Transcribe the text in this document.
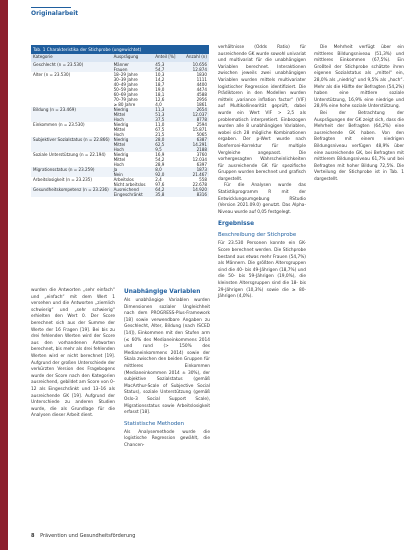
Originalarbeit
Tab. 1 Charakteristika der Stichprobe (ungewichtet)
Kategorie	Ausprägung	Anteil [%]	Anzahl (n)
Geschlecht (n = 23.530)	Männer	45,3	10.656
	Frauen	54,7	12.874
Alter (n = 23.530)	18–29 Jahre	10,3	1830
	30–39 Jahre	14,2	1111
	40–49 Jahre	18,7	4400
	50–59 Jahre	19,0	4474
	60–69 Jahre	18,1	4588
	70–79 Jahre	12,6	2956
	≥ 80 Jahre	4,0	1861
Bildung (n = 23.469)	Niedrig	11,3	2654
	Mittel	51,3	12.037
	Hoch	37,5	8778
Einkommen (n = 23.530)	Niedrig	11,0	2594
	Mittel	67,5	15.871
	Hoch	21,5	5065
Subjektiver Sozialstatus (n = 22.866)	Niedrig	28,0	6387
	Mittel	62,5	14.291
	Hoch	9,5	2188
Soziale Unterstützung (n = 22.194)	Niedrig	16,9	3760
	Mittel	54,2	12.034
	Hoch	28,9	6397
Migrationsstatus (n = 23.259)	Ja	8,0	1873
	Nein	92,0	21.467
Arbeitslosigkeit (n = 23.235)	Arbeitslos	2,4	558
	Nicht arbeitslos	97,6	22.678
Gesundheitskompetenz (n = 23.236)	Ausreichend	64,2	14.920
	Eingeschränkt	35,8	8316

wurden die Antworten „sehr einfach“ und „einfach“ mit dem Wert 1 versehen und die Antworten „ziemlich schwierig“ und „sehr schwierig“ erhielten den Wert 0. Der Score berechnet sich aus der Summe der Werte der 16 Fragen [19]. Bei bis zu drei fehlenden Werten wird der Score aus den vorhandenen Antworten berechnet, bis mehr als drei fehlenden Werten wird er nicht berechnet [19]. Aufgrund der großen Unterschiede der verkürzten Version des Fragebogens wurde der Score nach den Kategorien ausreichend, gebildet am Score von 0–12 als Eingeschränkt und 13–16 als ausreichende GK [19]. Aufgrund der Unterschiede zu anderen Studien wurde, die als Grundlage für die Analysen dieser Arbeit dient.

Unabhängige Variablen

Als unabhängige Variablen wurden Dimensionen sozialer Ungleichheit nach dem PROGRESS-Plus-Framework [18] sowie verwendbare Angaben zu Geschlecht, Alter, Bildung (nach ISCED [14]), Einkommen mit den Stufen arm (≤ 60% des Medianeinkommens 2014 und rund (> 150% des Medianeinkommens 2014) sowie der Skala zwischen den beiden Gruppen für mittleres Einkommen (Medianeinkommen 2014 ± 30%), der subjektive Sozialstatus (gemäß MacArthur-Scale of Subjective Social Status), soziale Unterstützung (gemäß Oslo-3 Social Support Scale), Migrationsstatus sowie Arbeitslosigkeit erfasst [18].

Statistische Methoden

Als Analysemethode wurde die logistische Regression gewählt, die Chancen-

verhältnisse (Odds Ratio) für ausreichende GK wurde sowohl univariat und multivariat für die unabhängigen Variablen berechnet. Interaktionen zwischen jeweils zwei unabhängigen Variablen wurden mittels multivariater logistischer Regression identifiziert. Die Prädiktoren in den Modellen wurden mittels „variance inflation factor“ (VIF) auf Multikollinearität geprüft, dabei wurde ein Wert VIF > 2,5 als problematisch interpretiert. Einbezogen wurden alle 8 unabhängigen Variablen, wobei sich 28 mögliche Kombinationen ergaben. Der p-Wert wurde nach Bonferroni-Korrektur für multiple Vergleiche angepasst. Die vorhergesagten Wahrscheinlichkeiten für ausreichende GK für spezifische Gruppen wurden berechnet und grafisch dargestellt.

Für die Analysen wurde das Statistikprogramm R mit der Entwicklungsumgebung RStudio (Version 2021.09.0) genutzt. Das Alpha-Niveau wurde auf 0,05 festgelegt.

Ergebnisse
Beschreibung der Stichprobe

Für 23.530 Personen konnte ein GK-Score berechnet werden. Die Stichprobe bestand aus etwas mehr Frauen (54,7%) als Männern. Die größten Altersgruppen sind die 40- bis 49-Jährigen (18,7%) und die 50- bis 59-Jährigen (19,0%), die kleinsten Altersgruppen sind die 18- bis 29-Jährigen (10,3%) sowie die ≥ 80-Jährigen (4,0%).

Die Mehrheit verfügt über ein mittleres Bildungsniveau (51,3%) und mittleres Einkommen (67,5%). Ein Großteil der Stichprobe schätzte ihren eigenen Sozialstatus als „mittel“ ein, 28,0% als „niedrig“ und 9,5% als „hoch“. Mehr als die Hälfte der Befragten (54,2%) haben eine mittlere soziale Unterstützung, 16,9% eine niedrige und 28,9% eine hohe soziale Unterstützung.

Bei der Betrachtung der Ausprägungen der GK zeigt sich, dass die Mehrheit der Befragten (64,2%) eine ausreichende GK haben. Von den Befragten mit einem niedrigen Bildungsniveau verfügen 48,9% über eine ausreichende GK, bei Befragten mit mittlerem Bildungsniveau 61,7% und bei Befragten mit hoher Bildung 72,5%. Die Verteilung der Stichprobe ist in Tab. 1 dargestellt.

8 Prävention und Gesundheitsförderung
